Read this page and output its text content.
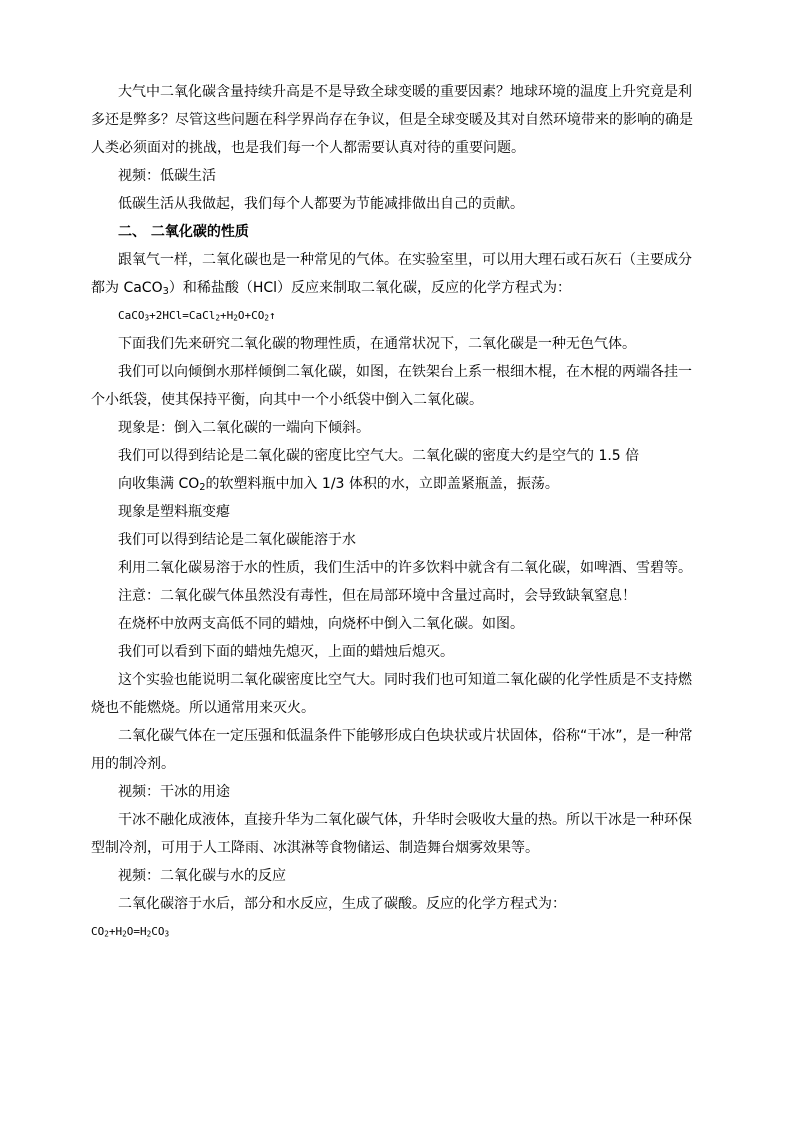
大气中二氧化碳含量持续升高是不是导致全球变暖的重要因素？地球环境的温度上升究竟是利多还是弊多？尽管这些问题在科学界尚存在争议，但是全球变暖及其对自然环境带来的影响的确是人类必须面对的挑战，也是我们每一个人都需要认真对待的重要问题。

视频：低碳生活

低碳生活从我做起，我们每个人都要为节能减排做出自己的贡献。

二、 二氧化碳的性质

跟氧气一样，二氧化碳也是一种常见的气体。在实验室里，可以用大理石或石灰石（主要成分都为 CaCO$_3$）和稀盐酸（HCl）反应来制取二氧化碳，反应的化学方程式为：

$CaCO_3+2HCl=CaCl_2+H_2O+CO_2↑$

下面我们先来研究二氧化碳的物理性质，在通常状况下，二氧化碳是一种无色气体。

我们可以向倾倒水那样倾倒二氧化碳，如图，在铁架台上系一根细木棍，在木棍的两端各挂一个小纸袋，使其保持平衡，向其中一个小纸袋中倒入二氧化碳。

现象是：倒入二氧化碳的一端向下倾斜。

我们可以得到结论是二氧化碳的密度比空气大。二氧化碳的密度大约是空气的 1.5 倍

向收集满 $CO_2$的软塑料瓶中加入 1/3 体积的水，立即盖紧瓶盖，振荡。

现象是塑料瓶变瘪

我们可以得到结论是二氧化碳能溶于水

利用二氧化碳易溶于水的性质，我们生活中的许多饮料中就含有二氧化碳，如啤酒、雪碧等。

注意：二氧化碳气体虽然没有毒性，但在局部环境中含量过高时，会导致缺氧窒息！

在烧杯中放两支高低不同的蜡烛，向烧杯中倒入二氧化碳。如图。

我们可以看到下面的蜡烛先熄灭，上面的蜡烛后熄灭。

这个实验也能说明二氧化碳密度比空气大。同时我们也可知道二氧化碳的化学性质是不支持燃烧也不能燃烧。所以通常用来灭火。

二氧化碳气体在一定压强和低温条件下能够形成白色块状或片状固体，俗称“干冰”，是一种常用的制冷剂。

视频：干冰的用途

干冰不融化成液体，直接升华为二氧化碳气体，升华时会吸收大量的热。所以干冰是一种环保型制冷剂，可用于人工降雨、冰淇淋等食物储运、制造舞台烟雾效果等。

视频：二氧化碳与水的反应

二氧化碳溶于水后，部分和水反应，生成了碳酸。反应的化学方程式为：

$CO_2+H_2O=H_2CO_3$
